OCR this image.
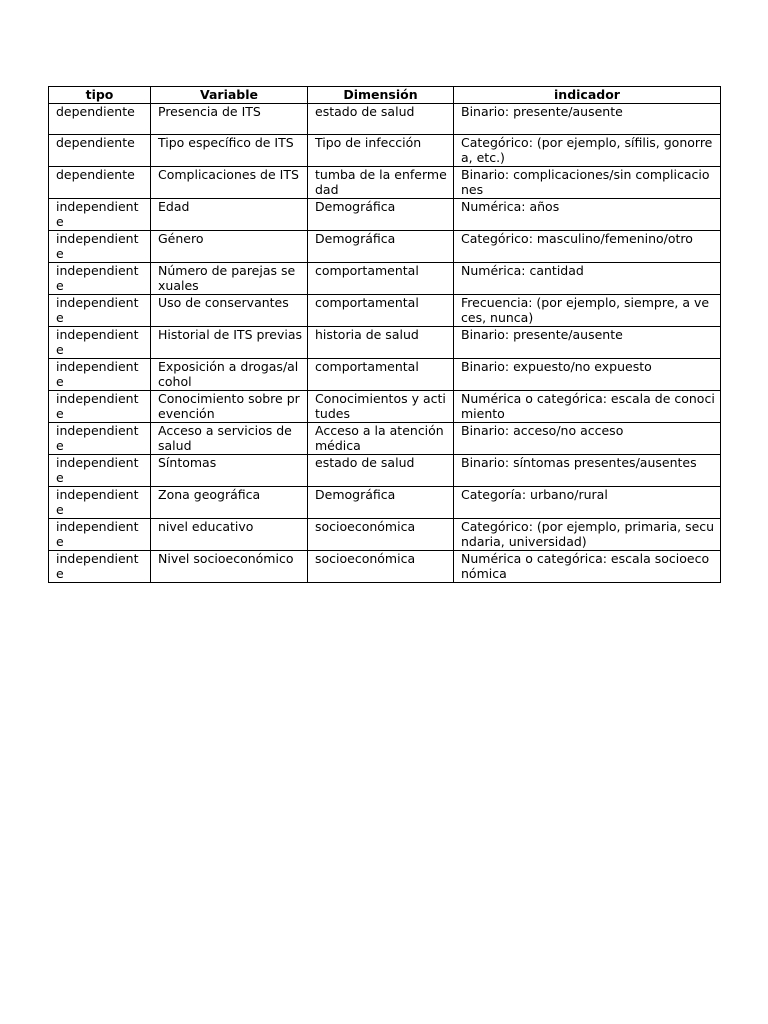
tipo	Variable	Dimensión	indicador
dependiente	Presencia de ITS	estado de salud	Binario: presente/ausente
dependiente	Tipo específico de ITS	Tipo de infección	Categórico: (por ejemplo, sífilis, gonorrea, etc.)
dependiente	Complicaciones de ITS	tumba de la enfermedad	Binario: complicaciones/sin complicaciones
independiente	Edad	Demográfica	Numérica: años
independiente	Género	Demográfica	Categórico: masculino/femenino/otro
independiente	Número de parejas sexuales	comportamental	Numérica: cantidad
independiente	Uso de conservantes	comportamental	Frecuencia: (por ejemplo, siempre, a veces, nunca)
independiente	Historial de ITS previas	historia de salud	Binario: presente/ausente
independiente	Exposición a drogas/alcohol	comportamental	Binario: expuesto/no expuesto
independiente	Conocimiento sobre prevención	Conocimientos y actitudes	Numérica o categórica: escala de conocimiento
independiente	Acceso a servicios de salud	Acceso a la atención médica	Binario: acceso/no acceso
independiente	Síntomas	estado de salud	Binario: síntomas presentes/ausentes
independiente	Zona geográfica	Demográfica	Categoría: urbano/rural
independiente	nivel educativo	socioeconómica	Categórico: (por ejemplo, primaria, secundaria, universidad)
independiente	Nivel socioeconómico	socioeconómica	Numérica o categórica: escala socioeconómica
